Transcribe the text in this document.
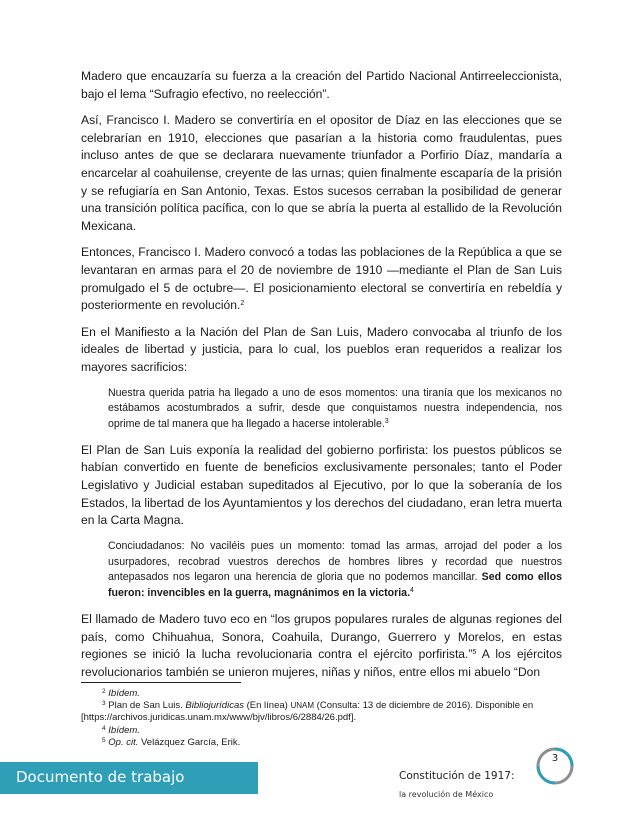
Madero que encauzaría su fuerza a la creación del Partido Nacional Antirreeleccionista, bajo el lema “Sufragio efectivo, no reelección”.

Así, Francisco I. Madero se convertiría en el opositor de Díaz en las elecciones que se celebrarían en 1910, elecciones que pasarían a la historia como fraudulentas, pues incluso antes de que se declarara nuevamente triunfador a Porfirio Díaz, mandaría a encarcelar al coahuilense, creyente de las urnas; quien finalmente escaparía de la prisión y se refugiaría en San Antonio, Texas. Estos sucesos cerraban la posibilidad de generar una transición política pacífica, con lo que se abría la puerta al estallido de la Revolución Mexicana.

Entonces, Francisco I. Madero convocó a todas las poblaciones de la República a que se levantaran en armas para el 20 de noviembre de 1910 —mediante el Plan de San Luis promulgado el 5 de octubre—. El posicionamiento electoral se convertiría en rebeldía y posteriormente en revolución.$^2$

En el Manifiesto a la Nación del Plan de San Luis, Madero convocaba al triunfo de los ideales de libertad y justicia, para lo cual, los pueblos eran requeridos a realizar los mayores sacrificios:

Nuestra querida patria ha llegado a uno de esos momentos: una tiranía que los mexicanos no estábamos acostumbrados a sufrir, desde que conquistamos nuestra independencia, nos oprime de tal manera que ha llegado a hacerse intolerable.$^3$

El Plan de San Luis exponía la realidad del gobierno porfirista: los puestos públicos se habían convertido en fuente de beneficios exclusivamente personales; tanto el Poder Legislativo y Judicial estaban supeditados al Ejecutivo, por lo que la soberanía de los Estados, la libertad de los Ayuntamientos y los derechos del ciudadano, eran letra muerta en la Carta Magna.

Conciudadanos: No vaciléis pues un momento: tomad las armas, arrojad del poder a los usurpadores, recobrad vuestros derechos de hombres libres y recordad que nuestros antepasados nos legaron una herencia de gloria que no podemos mancillar. Sed como ellos fueron: invencibles en la guerra, magnánimos en la victoria.$^4$

El llamado de Madero tuvo eco en “los grupos populares rurales de algunas regiones del país, como Chihuahua, Sonora, Coahuila, Durango, Guerrero y Morelos, en estas regiones se inició la lucha revolucionaria contra el ejército porfirista.”$^5$ A los ejércitos revolucionarios también se unieron mujeres, niñas y niños, entre ellos mi abuelo “Don

$^2$ Ibídem.

$^3$ Plan de San Luis. Bibliojurídicas (En línea) UNAM (Consulta: 13 de diciembre de 2016). Disponible en [https://archivos.juridicas.unam.mx/www/bjv/libros/6/2884/26.pdf].

$^4$ Ibídem.

$^5$ Op. cit. Velázquez García, Erik.

Documento de trabajo	Constitución de 1917:

la revolución de México

3
